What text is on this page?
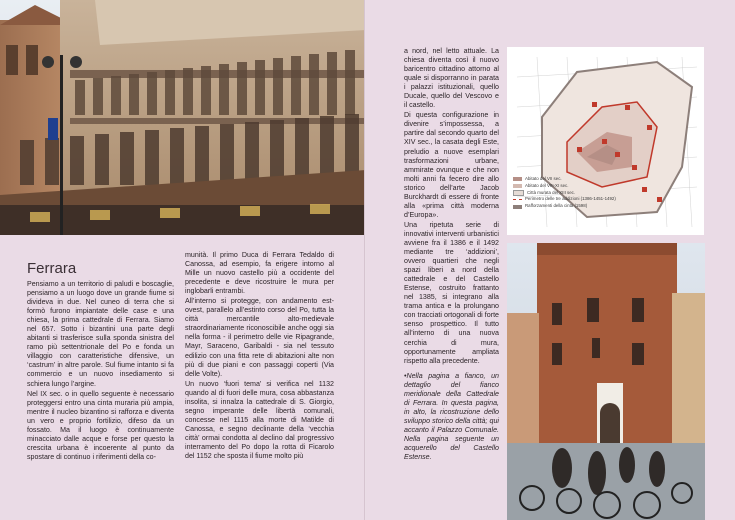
Ferrara

Pensiamo a un territorio di paludi e boscaglie, pensiamo a un luogo dove un grande fiume si divideva in due. Nel cuneo di terra che si formò furono impiantate delle case e una chiesa, la prima cattedrale di Ferrara. Siamo nel 657. Sotto i bizantini una parte degli abitanti si trasferisce sulla sponda sinistra del ramo più settentrionale del Po e fonda un villaggio con caratteristiche difensive, un ‘castrum’ in altre parole. Sul fiume intanto si fa commercio e un nuovo insediamento si schiera lungo l’argine.

Nel IX sec. o in quello seguente è necessario proteggersi entro una cinta muraria più ampia, mentre il nucleo bizantino si rafforza e diventa un vero e proprio fortilizio, difeso da un fossato. Ma il luogo è continuamente minacciato dalle acque e forse per questo la crescita urbana è incoerente al punto da spostare di continuo i riferimenti della co-

munità. Il primo Duca di Ferrara Tedaldo di Canossa, ad esempio, fa erigere intorno al Mille un nuovo castello più a occidente del precedente e deve ricostruire le mura per inglobarli entrambi.

All’interno si protegge, con andamento est-ovest, parallelo all’estinto corso del Po, tutta la città mercantile alto-medievale straordinariamente riconoscibile anche oggi sia nella forma - il perimetro delle vie Ripagrande, Mayr, Saraceno, Garibaldi - sia nel tessuto edilizio con una fitta rete di abitazioni alte non più di due piani e con passaggi coperti (Via delle Volte).

Un nuovo ‘fuori tema’ si verifica nel 1132 quando al di fuori delle mura, cosa abbastanza insolita, si innalza la cattedrale di S. Giorgio, segno imperante delle libertà comunali, concesse nel 1115 alla morte di Matilde di Canossa, e segno declinante della ‘vecchia città’ ormai condotta al declino dal progressivo interramento del Po dopo la rotta di Ficarolo del 1152 che sposta il fiume molto più

a nord, nel letto attuale. La chiesa diventa così il nuovo baricentro cittadino attorno al quale si disporranno in parata i palazzi istituzionali, quello Ducale, quello del Vescovo e il castello.

Di questa configurazione in divenire s’impossessa, a partire dal secondo quarto del XIV sec., la casata degli Este, preludio a nuove esemplari trasformazioni urbane, ammirate ovunque e che non molti anni fa fecero dire allo storico dell’arte Jacob Burckhardt di essere di fronte alla «prima città moderna d’Europa».

Una ripetuta serie di innovativi interventi urbanistici avviene fra il 1386 e il 1492 mediante tre ‘addizioni’, ovvero quartieri che negli spazi liberi a nord della cattedrale e del Castello Estense, costruito frattanto nel 1385, si integrano alla trama antica e la prolungano con tracciati ortogonali di forte senso prospettico. Il tutto all’interno di una nuova cerchia di mura, opportunamente ampliata rispetto alla precedente.

•Nella pagina a fianco, un dettaglio del fianco meridionale della Cattedrale di Ferrara. In questa pagina, in alto, la ricostruzione dello sviluppo storico della città; qui accanto il Palazzo Comunale. Nella pagina seguente un acquerello del Castello Estense.

Abitato del VII sec.
Abitato del VIII-XI sec.
Città murata del XIII sec.
Perimetro delle tre addizioni (1386-1451-1492)
Rafforzamenti della cinta (1598)
